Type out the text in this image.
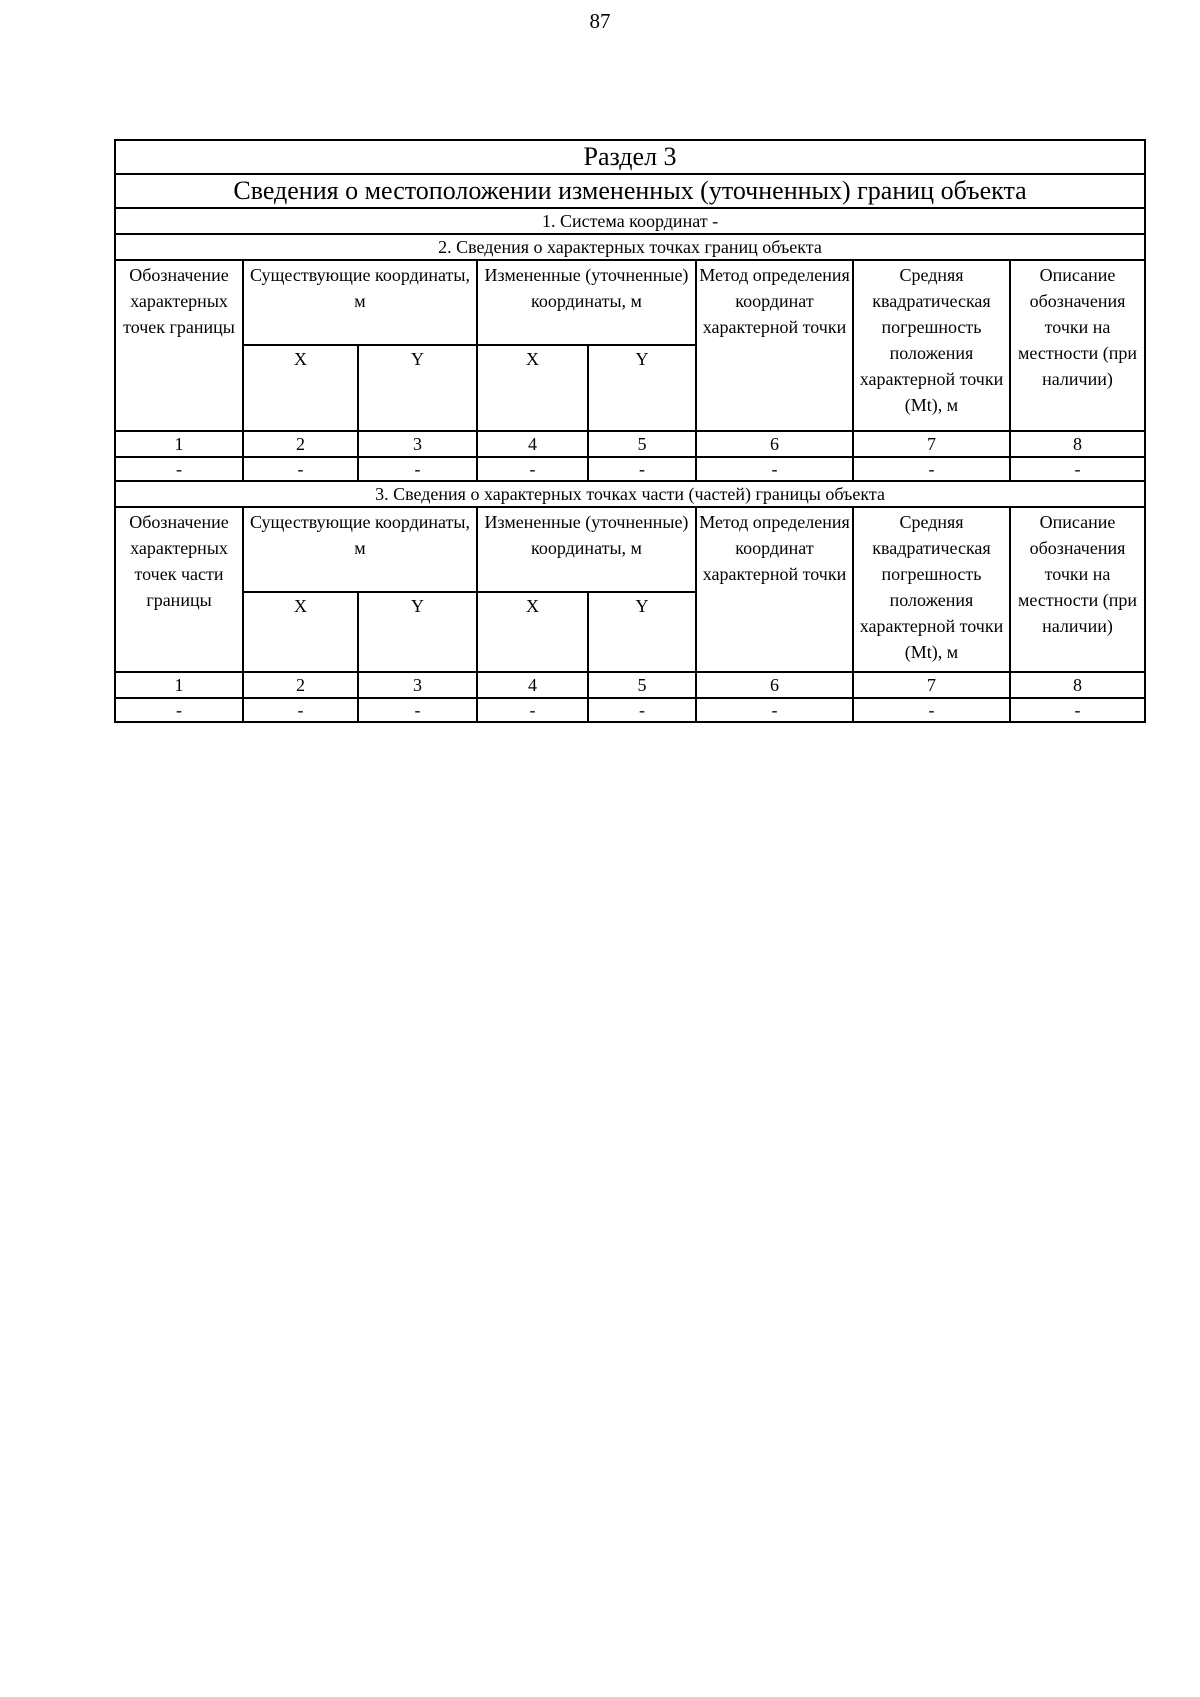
87
Раздел 3							
Сведения о местоположении измененных (уточненных) границ объекта							
1. Система координат -							
2. Сведения о характерных точках границ объекта							
Обозначение характерных точек границы	Существующие координаты, м		Измененные (уточненные) координаты, м		Метод определения координат характерной точки	Средняя квадратическая погрешность положения характерной точки (Mt), м	Описание обозначения точки на местности (при наличии)
	X	Y	X	Y			
1	2	3	4	5	6	7	8
-	-	-	-	-	-	-	-
3. Сведения о характерных точках части (частей) границы объекта							
Обозначение характерных точек части границы	Существующие координаты, м		Измененные (уточненные) координаты, м		Метод определения координат характерной точки	Средняя квадратическая погрешность положения характерной точки (Mt), м	Описание обозначения точки на местности (при наличии)
	X	Y	X	Y			
1	2	3	4	5	6	7	8
-	-	-	-	-	-	-	-
